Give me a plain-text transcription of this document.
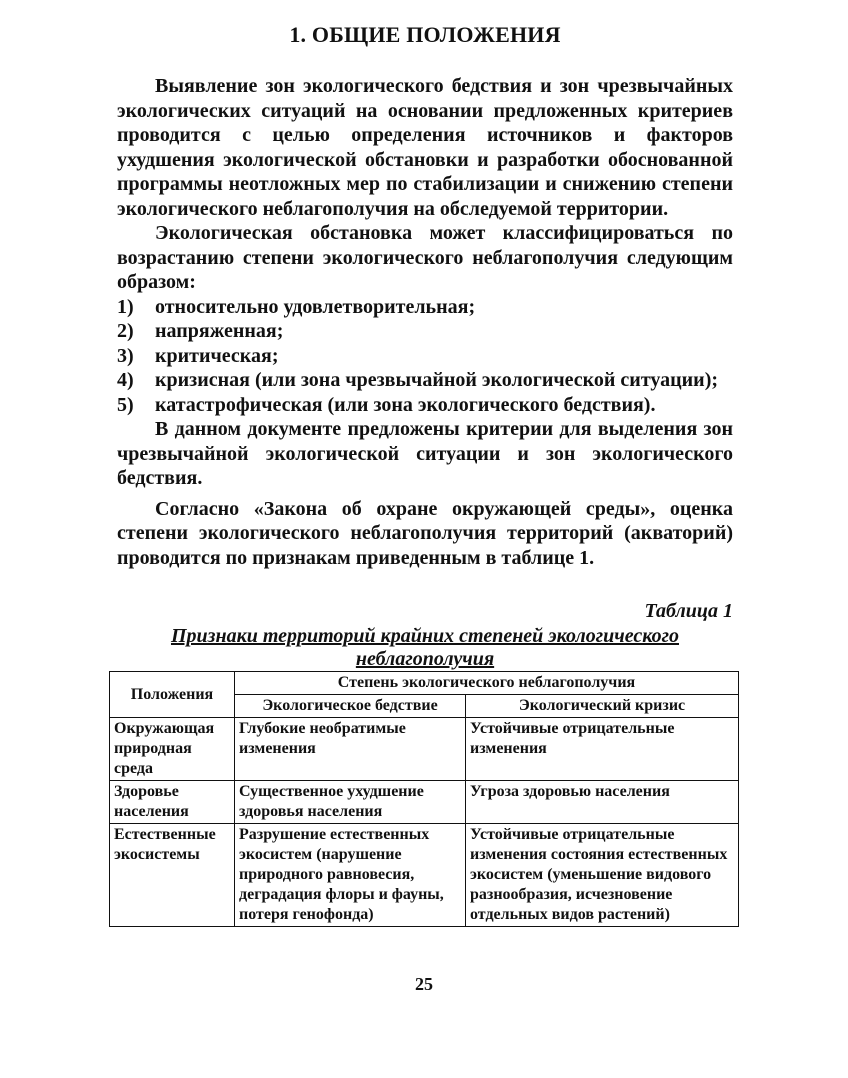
1. ОБЩИЕ ПОЛОЖЕНИЯ

Выявление зон экологического бедствия и зон чрезвычайных экологических ситуаций на основании предложенных критериев проводится с целью определения источников и факторов ухудшения экологической обстановки и разработки обоснованной программы неотложных мер по стабилизации и снижению степени экологического неблагополучия на обследуемой территории.

Экологическая обстановка может классифицироваться по возрастанию степени экологического неблагополучия следующим образом:

1)	относительно удовлетворительная;
2)	напряженная;
3)	критическая;
4)	кризисная (или зона чрезвычайной экологической ситуации);
5)	катастрофическая (или зона экологического бедствия).

В данном документе предложены критерии для выделения зон чрезвычайной экологической ситуации и зон экологического бедствия.

Согласно «Закона об охране окружающей среды», оценка степени экологического неблагополучия территорий (акваторий) проводится по признакам приведенным в таблице 1.

Таблица 1
Признаки территорий крайних степеней экологического неблагополучия
Положения	Степень экологического неблагополучия	
	Экологическое бедствие	Экологический кризис
Окружающая природная среда	Глубокие необратимые изменения	Устойчивые отрицательные изменения
Здоровье населения	Существенное ухудшение здоровья населения	Угроза здоровью населения
Естественные экосистемы	Разрушение естественных экосистем (нарушение природного равновесия, деградация флоры и фауны, потеря генофонда)	Устойчивые отрицательные изменения состояния естественных экосистем (уменьшение видового разнообразия, исчезновение отдельных видов растений)
25
